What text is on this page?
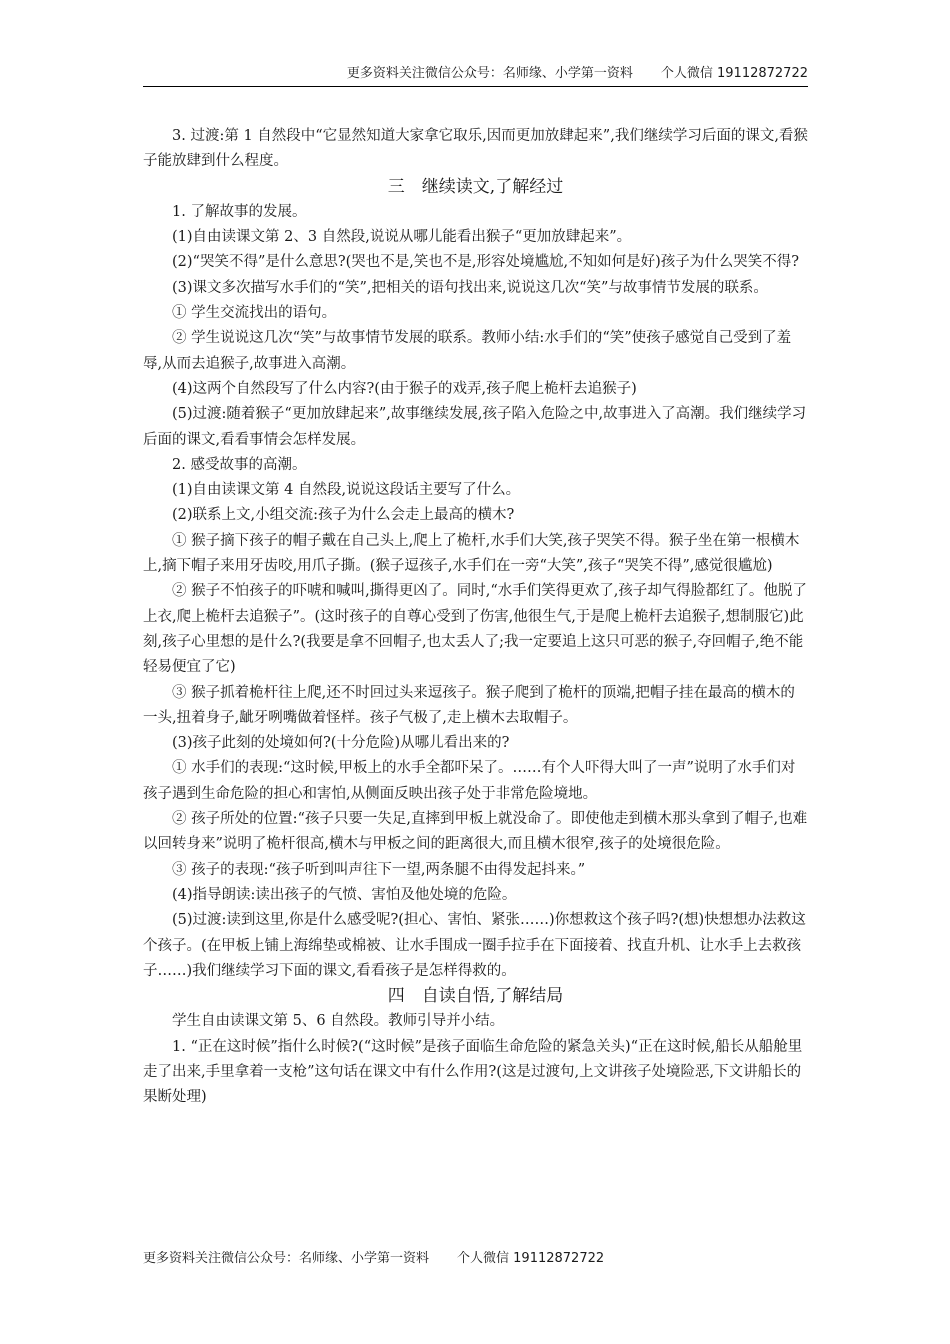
更多资料关注微信公众号：名师缘、小学第一资料 个人微信 19112872722

3. 过渡:第 1 自然段中“它显然知道大家拿它取乐,因而更加放肆起来”,我们继续学习后面的课文,看猴子能放肆到什么程度。

三　继续读文,了解经过

1. 了解故事的发展。

(1)自由读课文第 2、3 自然段,说说从哪儿能看出猴子“更加放肆起来”。

(2)“哭笑不得”是什么意思?(哭也不是,笑也不是,形容处境尴尬,不知如何是好)孩子为什么哭笑不得?

(3)课文多次描写水手们的“笑”,把相关的语句找出来,说说这几次“笑”与故事情节发展的联系。

① 学生交流找出的语句。

② 学生说说这几次“笑”与故事情节发展的联系。教师小结:水手们的“笑”使孩子感觉自己受到了羞辱,从而去追猴子,故事进入高潮。

(4)这两个自然段写了什么内容?(由于猴子的戏弄,孩子爬上桅杆去追猴子)

(5)过渡:随着猴子“更加放肆起来”,故事继续发展,孩子陷入危险之中,故事进入了高潮。我们继续学习后面的课文,看看事情会怎样发展。

2. 感受故事的高潮。

(1)自由读课文第 4 自然段,说说这段话主要写了什么。

(2)联系上文,小组交流:孩子为什么会走上最高的横木?

① 猴子摘下孩子的帽子戴在自己头上,爬上了桅杆,水手们大笑,孩子哭笑不得。猴子坐在第一根横木上,摘下帽子来用牙齿咬,用爪子撕。(猴子逗孩子,水手们在一旁“大笑”,孩子“哭笑不得”,感觉很尴尬)

② 猴子不怕孩子的吓唬和喊叫,撕得更凶了。同时,“水手们笑得更欢了,孩子却气得脸都红了。他脱了上衣,爬上桅杆去追猴子”。(这时孩子的自尊心受到了伤害,他很生气,于是爬上桅杆去追猴子,想制服它)此刻,孩子心里想的是什么?(我要是拿不回帽子,也太丢人了;我一定要追上这只可恶的猴子,夺回帽子,绝不能轻易便宜了它)

③ 猴子抓着桅杆往上爬,还不时回过头来逗孩子。猴子爬到了桅杆的顶端,把帽子挂在最高的横木的一头,扭着身子,龇牙咧嘴做着怪样。孩子气极了,走上横木去取帽子。

(3)孩子此刻的处境如何?(十分危险)从哪儿看出来的?

① 水手们的表现:“这时候,甲板上的水手全都吓呆了。……有个人吓得大叫了一声”说明了水手们对孩子遇到生命危险的担心和害怕,从侧面反映出孩子处于非常危险境地。

② 孩子所处的位置:“孩子只要一失足,直摔到甲板上就没命了。即使他走到横木那头拿到了帽子,也难以回转身来”说明了桅杆很高,横木与甲板之间的距离很大,而且横木很窄,孩子的处境很危险。

③ 孩子的表现:“孩子听到叫声往下一望,两条腿不由得发起抖来。”

(4)指导朗读:读出孩子的气愤、害怕及他处境的危险。

(5)过渡:读到这里,你是什么感受呢?(担心、害怕、紧张……)你想救这个孩子吗?(想)快想想办法救这个孩子。(在甲板上铺上海绵垫或棉被、让水手围成一圈手拉手在下面接着、找直升机、让水手上去救孩子……)我们继续学习下面的课文,看看孩子是怎样得救的。

四　自读自悟,了解结局

学生自由读课文第 5、6 自然段。教师引导并小结。

1. “正在这时候”指什么时候?(“这时候”是孩子面临生命危险的紧急关头)“正在这时候,船长从船舱里走了出来,手里拿着一支枪”这句话在课文中有什么作用?(这是过渡句,上文讲孩子处境险恶,下文讲船长的果断处理)

更多资料关注微信公众号：名师缘、小学第一资料 个人微信 19112872722
